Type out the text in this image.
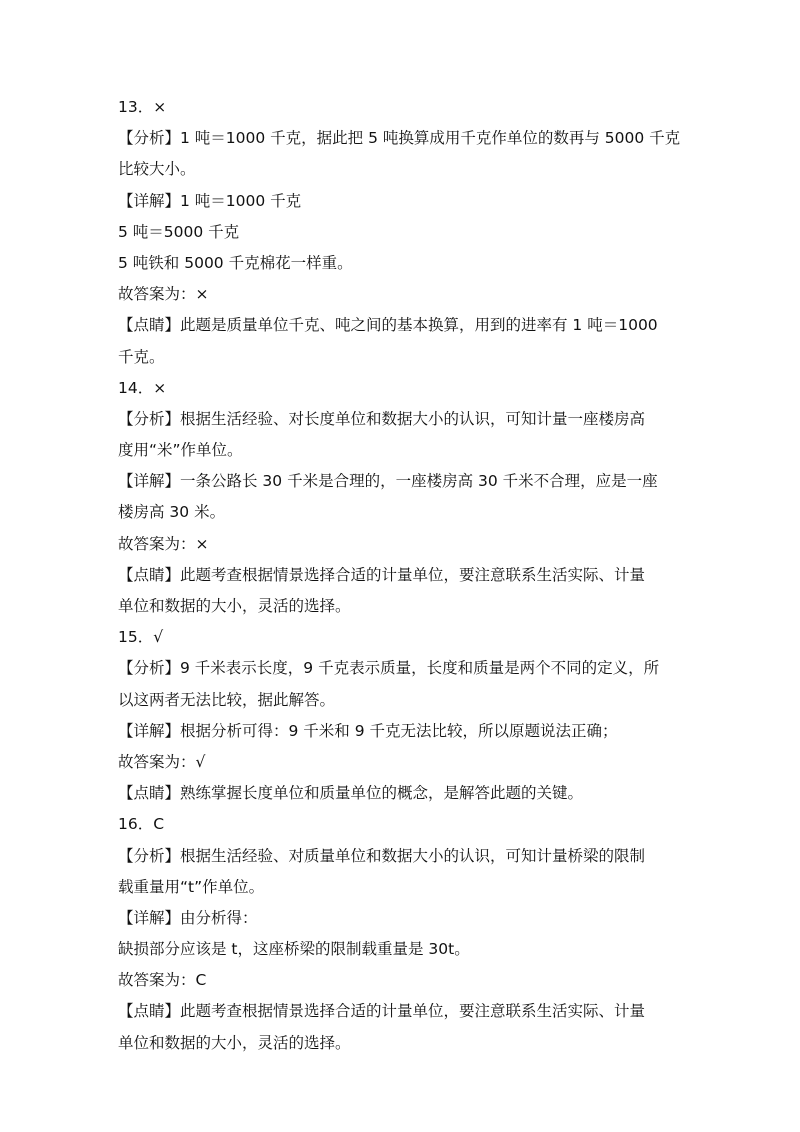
13．×
【分析】1 吨＝1000 千克，据此把 5 吨换算成用千克作单位的数再与 5000 千克
比较大小。
【详解】1 吨＝1000 千克
5 吨＝5000 千克
5 吨铁和 5000 千克棉花一样重。
故答案为：×
【点睛】此题是质量单位千克、吨之间的基本换算，用到的进率有 1 吨＝1000
千克。
14．×
【分析】根据生活经验、对长度单位和数据大小的认识，可知计量一座楼房高
度用“米”作单位。
【详解】一条公路长 30 千米是合理的，一座楼房高 30 千米不合理，应是一座
楼房高 30 米。
故答案为：×
【点睛】此题考查根据情景选择合适的计量单位，要注意联系生活实际、计量
单位和数据的大小，灵活的选择。
15．√
【分析】9 千米表示长度，9 千克表示质量，长度和质量是两个不同的定义，所
以这两者无法比较，据此解答。
【详解】根据分析可得：9 千米和 9 千克无法比较，所以原题说法正确；
故答案为：√
【点睛】熟练掌握长度单位和质量单位的概念，是解答此题的关键。
16．C
【分析】根据生活经验、对质量单位和数据大小的认识，可知计量桥梁的限制
载重量用“t”作单位。
【详解】由分析得：
缺损部分应该是 t，这座桥梁的限制载重量是 30t。
故答案为：C
【点睛】此题考查根据情景选择合适的计量单位，要注意联系生活实际、计量
单位和数据的大小，灵活的选择。
